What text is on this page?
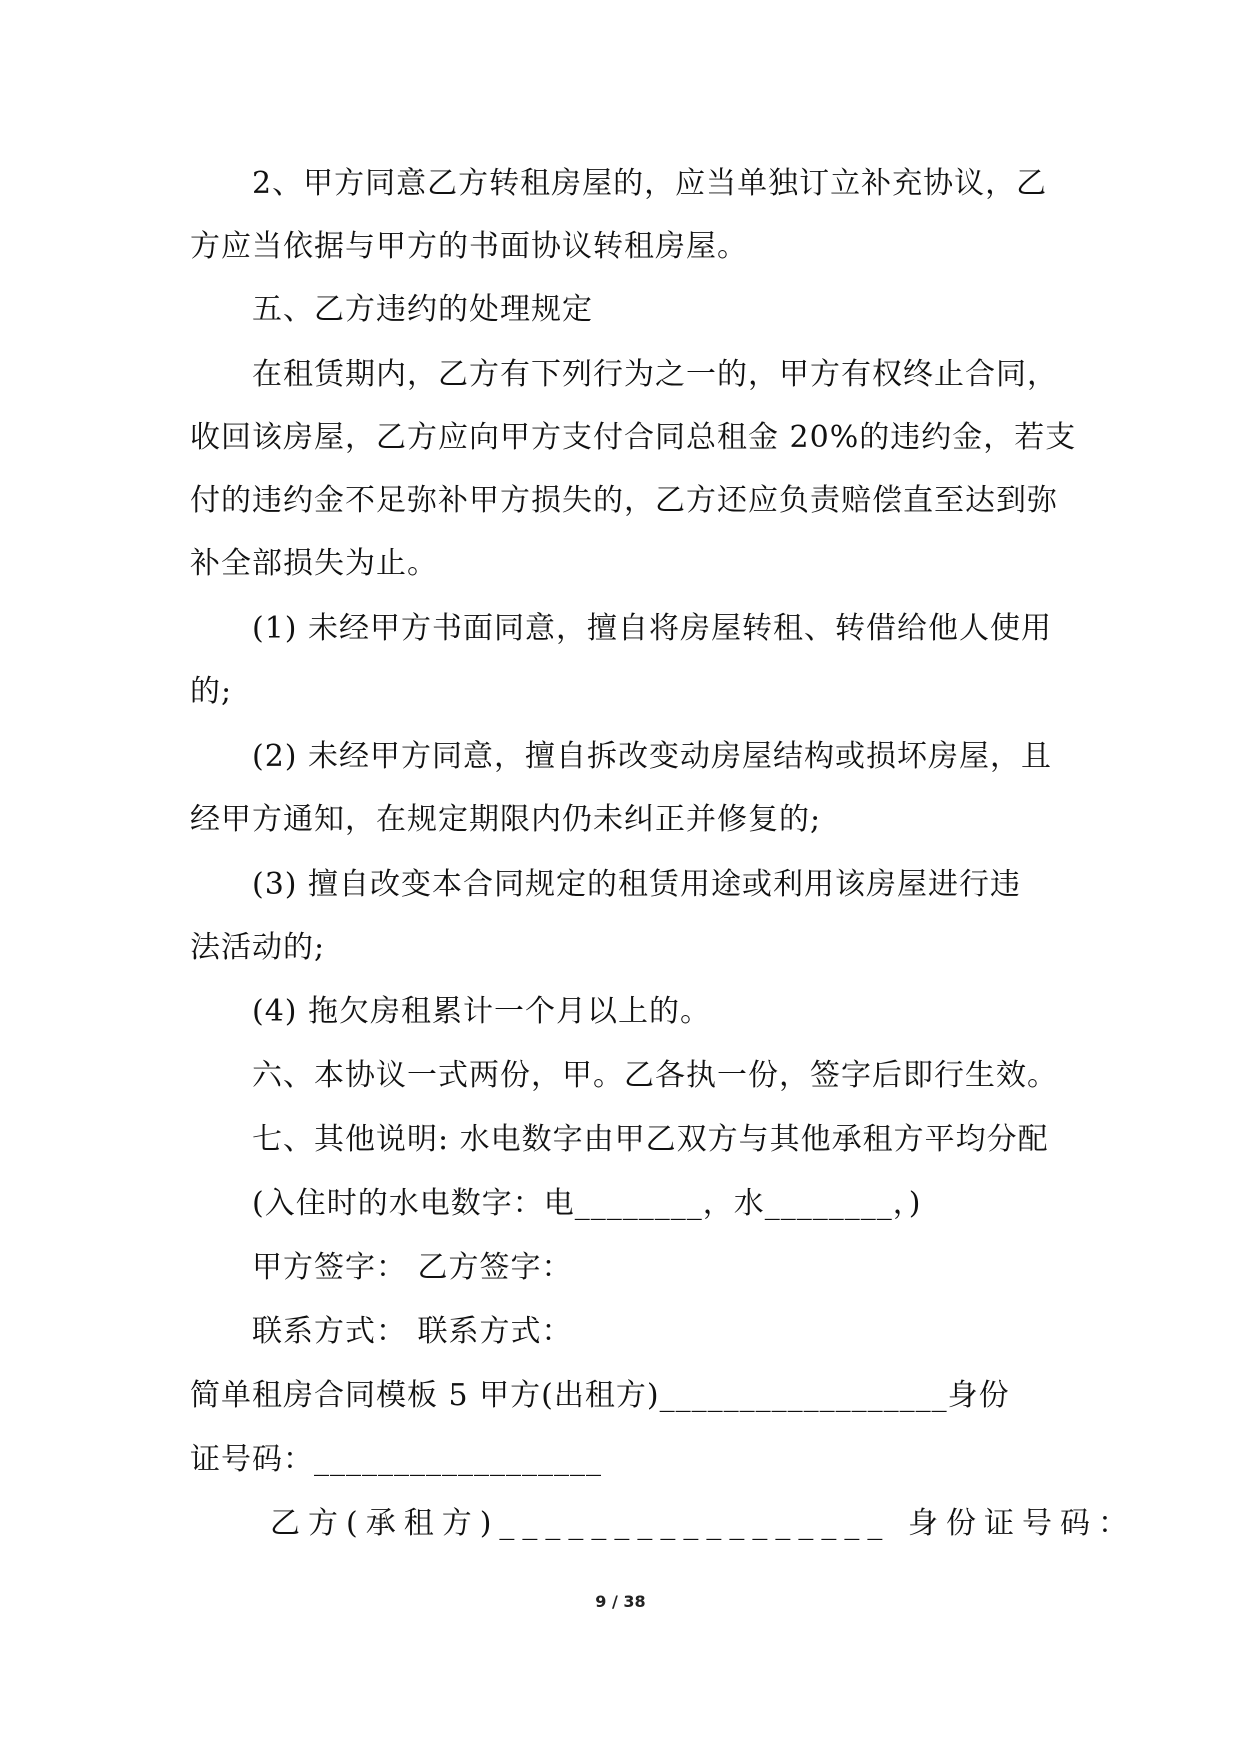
2、甲方同意乙方转租房屋的，应当单独订立补充协议，乙
方应当依据与甲方的书面协议转租房屋。
五、乙方违约的处理规定
在租赁期内，乙方有下列行为之一的，甲方有权终止合同，
收回该房屋，乙方应向甲方支付合同总租金 20%的违约金，若支
付的违约金不足弥补甲方损失的，乙方还应负责赔偿直至达到弥
补全部损失为止。
(1) 未经甲方书面同意，擅自将房屋转租、转借给他人使用
的;
(2) 未经甲方同意，擅自拆改变动房屋结构或损坏房屋，且
经甲方通知，在规定期限内仍未纠正并修复的;
(3) 擅自改变本合同规定的租赁用途或利用该房屋进行违
法活动的;
(4) 拖欠房租累计一个月以上的。
六、本协议一式两份，甲。乙各执一份，签字后即行生效。
七、其他说明: 水电数字由甲乙双方与其他承租方平均分配
(入住时的水电数字：电________，水________，)
甲方签字： 乙方签字：
联系方式： 联系方式：
简单租房合同模板 5 甲方(出租方)__________________身份
证号码：__________________
乙方(承租方)_________________ 身份证号码：
9 / 38
